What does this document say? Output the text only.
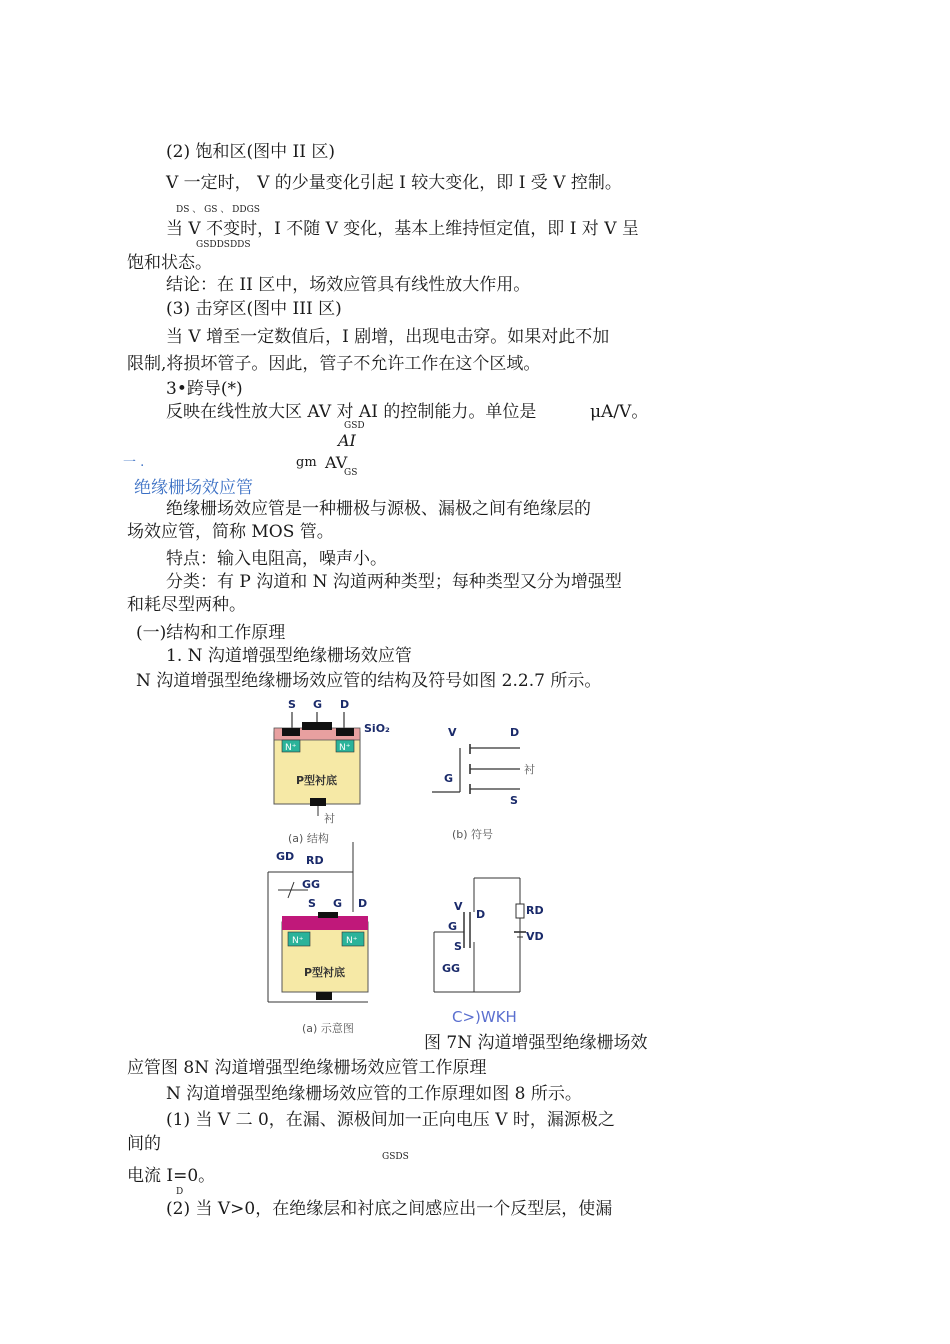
(2) 饱和区(图中 II 区)
V 一定时， V 的少量变化引起 I 较大变化，即 I 受 V 控制。
DS 、 GS 、 DDGS
当 V 不变时，I 不随 V 变化，基本上维持恒定值，即 I 对 V 呈
GSDDSDDS
饱和状态。
结论：在 II 区中，场效应管具有线性放大作用。
(3) 击穿区(图中 III 区)
当 V 增至一定数值后，I 剧增，出现电击穿。如果对此不加
限制,将损坏管子。因此，管子不允许工作在这个区域。
3•跨导(*)
反映在线性放大区 AV 对 AI 的控制能力。单位是	μA/V。
GSD
AI
一 .	gm AV
GS
绝缘栅场效应管
绝缘栅场效应管是一种栅极与源极、漏极之间有绝缘层的
场效应管，简称 MOS 管。
特点：输入电阻高，噪声小。
分类：有 P 沟道和 N 沟道两种类型；每种类型又分为增强型
和耗尽型两种。
(一)结构和工作原理
1. N 沟道增强型绝缘栅场效应管
N 沟道增强型绝缘栅场效应管的结构及符号如图 2.2.7 所示。
S G D
N⁺	N⁺
SiO₂
P型衬底
衬
(a) 结构
V	D
G
S
衬
(b) 符号
GD RD
GG
S G D
N⁺	N⁺
P型衬底
(a) 示意图
RD
VD
V
G
S
D
GG
C>)WKH
图 7N 沟道增强型绝缘栅场效
应管图 8N 沟道增强型绝缘栅场效应管工作原理
N 沟道增强型绝缘栅场效应管的工作原理如图 8 所示。
(1) 当 V 二 0，在漏、源极间加一正向电压 V 时，漏源极之
间的
GSDS
电流 I=0。
D
(2) 当 V>0，在绝缘层和衬底之间感应出一个反型层，使漏
